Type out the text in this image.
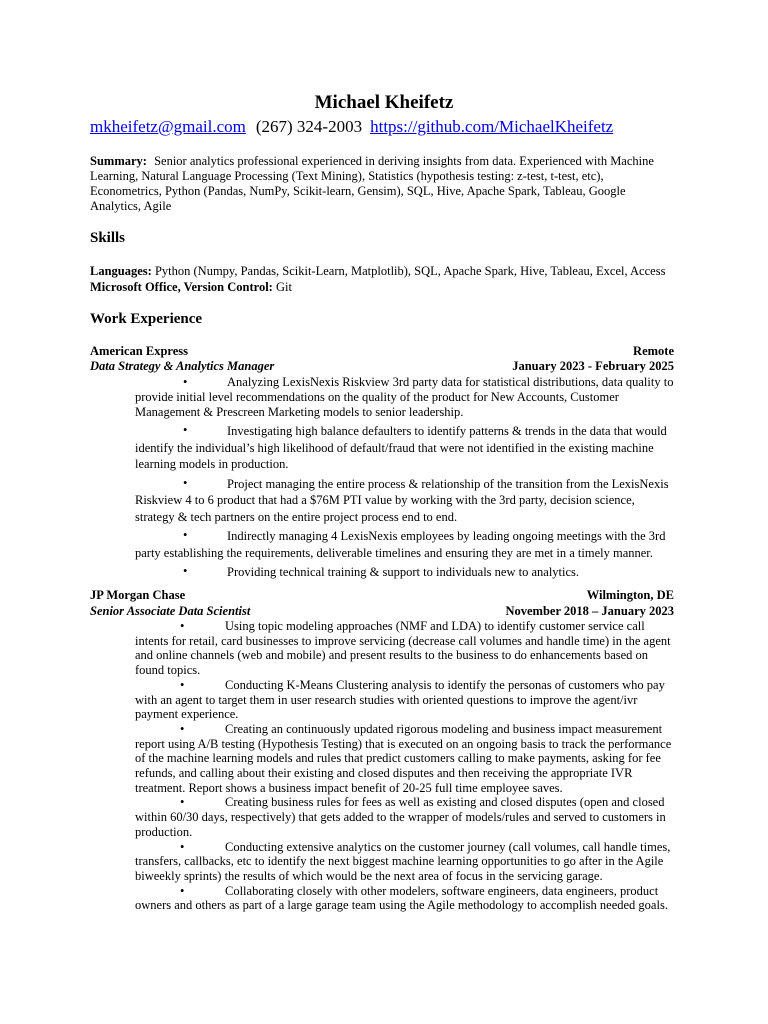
Michael Kheifetz
mkheifetz@gmail.com (267) 324-2003 https://github.com/MichaelKheifetz
Summary: Senior analytics professional experienced in deriving insights from data. Experienced with Machine Learning, Natural Language Processing (Text Mining), Statistics (hypothesis testing: z-test, t-test, etc), Econometrics, Python (Pandas, NumPy, Scikit-learn, Gensim), SQL, Hive, Apache Spark, Tableau, Google Analytics, Agile
Skills
Languages: Python (Numpy, Pandas, Scikit-Learn, Matplotlib), SQL, Apache Spark, Hive, Tableau, Excel, Access
Microsoft Office, Version Control: Git
Work Experience
American Express	Remote
Data Strategy & Analytics Manager	January 2023 - February 2025
•	Analyzing LexisNexis Riskview 3rd party data for statistical distributions, data quality to provide initial level recommendations on the quality of the product for New Accounts, Customer Management & Prescreen Marketing models to senior leadership.
•	Investigating high balance defaulters to identify patterns & trends in the data that would identify the individual’s high likelihood of default/fraud that were not identified in the existing machine learning models in production.
•	Project managing the entire process & relationship of the transition from the LexisNexis Riskview 4 to 6 product that had a $76M PTI value by working with the 3rd party, decision science, strategy & tech partners on the entire project process end to end.
•	Indirectly managing 4 LexisNexis employees by leading ongoing meetings with the 3rd party establishing the requirements, deliverable timelines and ensuring they are met in a timely manner.
•	Providing technical training & support to individuals new to analytics.
JP Morgan Chase	Wilmington, DE
Senior Associate Data Scientist	November 2018 – January 2023
•	Using topic modeling approaches (NMF and LDA) to identify customer service call intents for retail, card businesses to improve servicing (decrease call volumes and handle time) in the agent and online channels (web and mobile) and present results to the business to do enhancements based on found topics.
•	Conducting K-Means Clustering analysis to identify the personas of customers who pay with an agent to target them in user research studies with oriented questions to improve the agent/ivr payment experience.
•	Creating an continuously updated rigorous modeling and business impact measurement report using A/B testing (Hypothesis Testing) that is executed on an ongoing basis to track the performance of the machine learning models and rules that predict customers calling to make payments, asking for fee refunds, and calling about their existing and closed disputes and then receiving the appropriate IVR treatment. Report shows a business impact benefit of 20-25 full time employee saves.
•	Creating business rules for fees as well as existing and closed disputes (open and closed within 60/30 days, respectively) that gets added to the wrapper of models/rules and served to customers in production.
•	Conducting extensive analytics on the customer journey (call volumes, call handle times, transfers, callbacks, etc to identify the next biggest machine learning opportunities to go after in the Agile biweekly sprints) the results of which would be the next area of focus in the servicing garage.
•	Collaborating closely with other modelers, software engineers, data engineers, product owners and others as part of a large garage team using the Agile methodology to accomplish needed goals.
